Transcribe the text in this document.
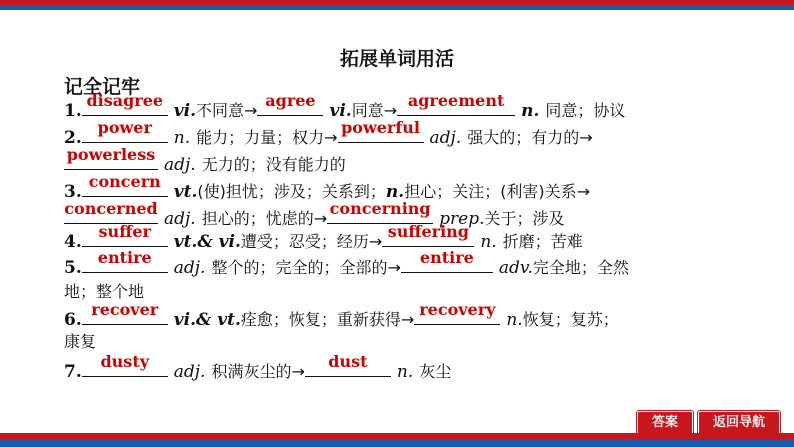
拓展单词用活
记全记牢
1.
disagree
vi.不同意→
agree
vi.同意→
agreement
n. 同意；协议
2.
power
n. 能力；力量；权力→
powerful
adj. 强大的；有力的→
powerless
adj. 无力的；没有能力的
3.
concern
vt.(使)担忧；涉及；关系到；n.担心；关注；(利害)关系→
concerned
adj. 担心的；忧虑的→
concerning
prep.关于；涉及
4.
suffer
vt.& vi.遭受；忍受；经历→
suffering
n. 折磨；苦难
5.
entire
adj. 整个的；完全的；全部的→
entire
adv.完全地；全然
地；整个地
6.
recover
vi.& vt.痊愈；恢复；重新获得→
recovery
n.恢复；复苏；
康复
7.
dusty
adj. 积满灰尘的→
dust
n. 灰尘
答案	返回导航
